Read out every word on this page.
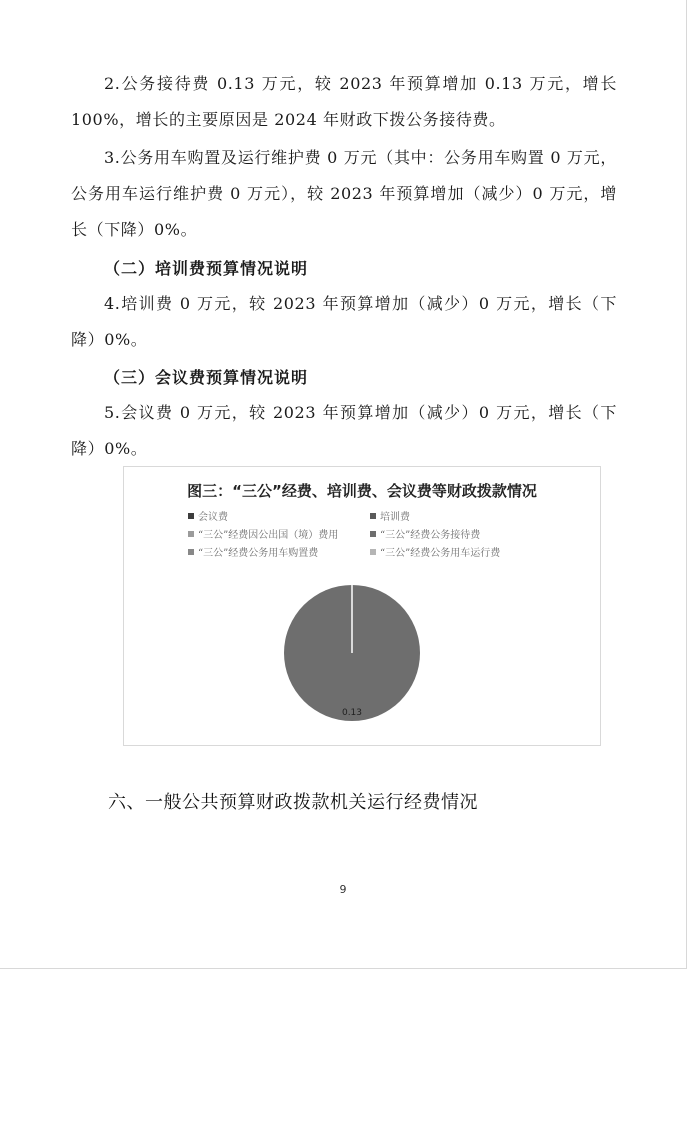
2.公务接待费 0.13 万元，较 2023 年预算增加 0.13 万元，增长 100%，增长的主要原因是 2024 年财政下拨公务接待费。

3.公务用车购置及运行维护费 0 万元（其中：公务用车购置 0 万元，公务用车运行维护费 0 万元），较 2023 年预算增加（减少）0 万元，增长（下降）0%。

（二）培训费预算情况说明

4.培训费 0 万元，较 2023 年预算增加（减少）0 万元，增长（下降）0%。

（三）会议费预算情况说明

5.会议费 0 万元，较 2023 年预算增加（减少）0 万元，增长（下降）0%。

图三：“三公”经费、培训费、会议费等财政拨款情况
会议费	培训费
“三公”经费因公出国（境）费用	“三公”经费公务接待费
“三公”经费公务用车购置费	“三公”经费公务用车运行费
0.13

六、一般公共预算财政拨款机关运行经费情况

9
